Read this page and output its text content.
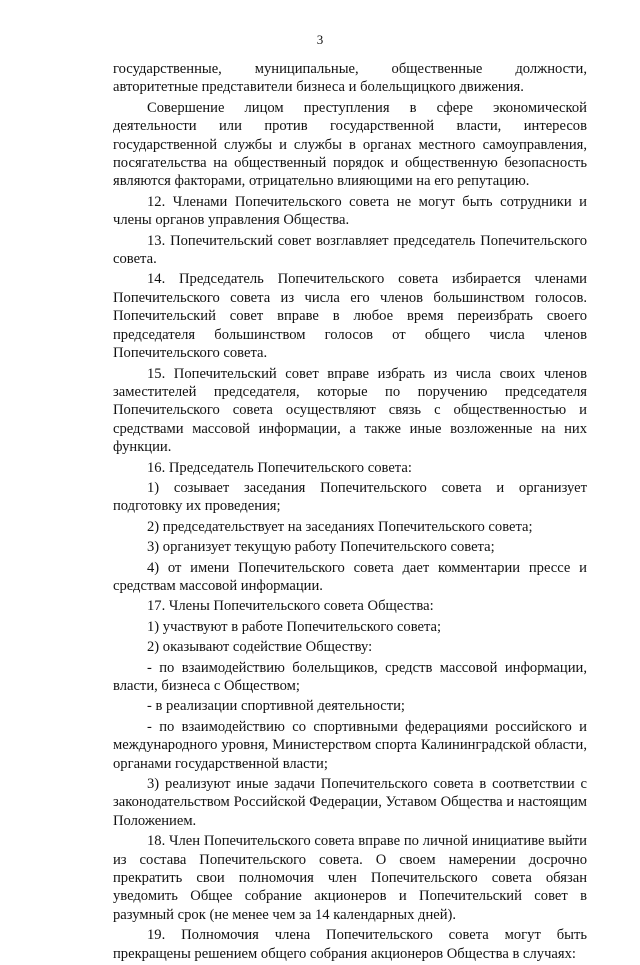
3

государственные, муниципальные, общественные должности, авторитетные представители бизнеса и болельщицкого движения.

Совершение лицом преступления в сфере экономической деятельности или против государственной власти, интересов государственной службы и службы в органах местного самоуправления, посягательства на общественный порядок и общественную безопасность являются факторами, отрицательно влияющими на его репутацию.

12. Членами Попечительского совета не могут быть сотрудники и члены органов управления Общества.

13. Попечительский совет возглавляет председатель Попечительского совета.

14. Председатель Попечительского совета избирается членами Попечительского совета из числа его членов большинством голосов. Попечительский совет вправе в любое время переизбрать своего председателя большинством голосов от общего числа членов Попечительского совета.

15. Попечительский совет вправе избрать из числа своих членов заместителей председателя, которые по поручению председателя Попечительского совета осуществляют связь с общественностью и средствами массовой информации, а также иные возложенные на них функции.

16. Председатель Попечительского совета:

1) созывает заседания Попечительского совета и организует подготовку их проведения;

2) председательствует на заседаниях Попечительского совета;

3) организует текущую работу Попечительского совета;

4) от имени Попечительского совета дает комментарии прессе и средствам массовой информации.

17. Члены Попечительского совета Общества:

1) участвуют в работе Попечительского совета;

2) оказывают содействие Обществу:

- по взаимодействию болельщиков, средств массовой информации, власти, бизнеса с Обществом;

- в реализации спортивной деятельности;

- по взаимодействию со спортивными федерациями российского и международного уровня, Министерством спорта Калининградской области, органами государственной власти;

3) реализуют иные задачи Попечительского совета в соответствии с законодательством Российской Федерации, Уставом Общества и настоящим Положением.

18. Член Попечительского совета вправе по личной инициативе выйти из состава Попечительского совета. О своем намерении досрочно прекратить свои полномочия член Попечительского совета обязан уведомить Общее собрание акционеров и Попечительский совет в разумный срок (не менее чем за 14 календарных дней).

19. Полномочия члена Попечительского совета могут быть прекращены решением общего собрания акционеров Общества в случаях:
